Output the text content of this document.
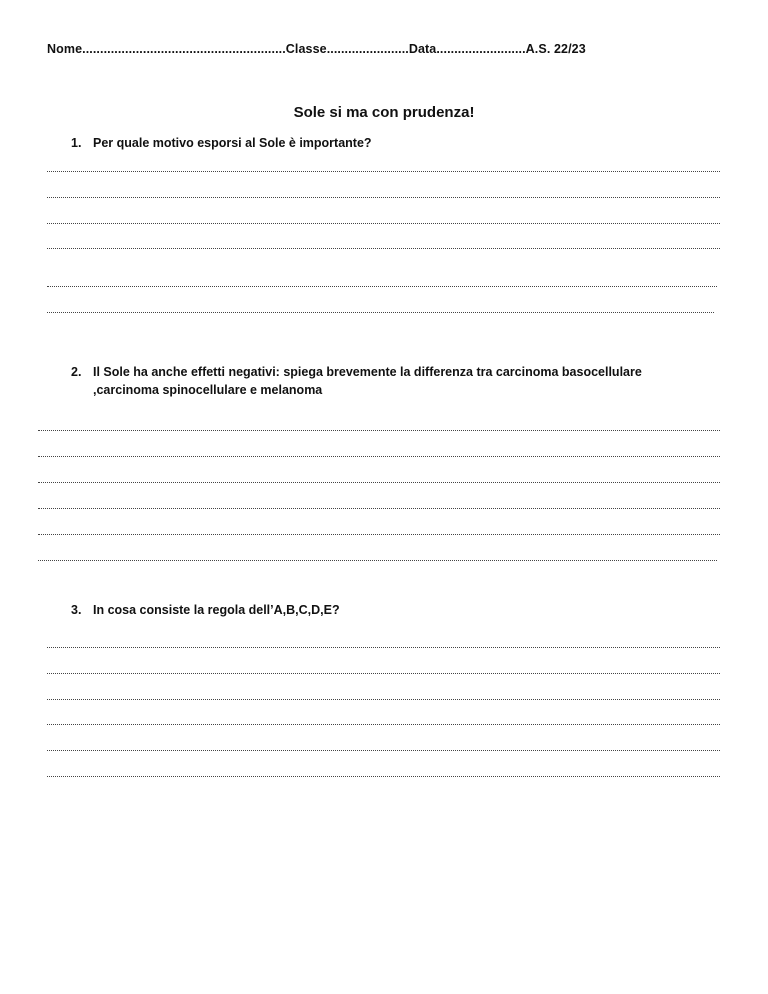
Nome.........................................................Classe.......................Data.........................A.S. 22/23
Sole si ma con prudenza!
1. Per quale motivo esporsi al Sole è importante?
2. Il Sole ha anche effetti negativi: spiega brevemente la differenza tra carcinoma basocellulare ,carcinoma spinocellulare e melanoma
3. In cosa consiste la regola dell’A,B,C,D,E?
